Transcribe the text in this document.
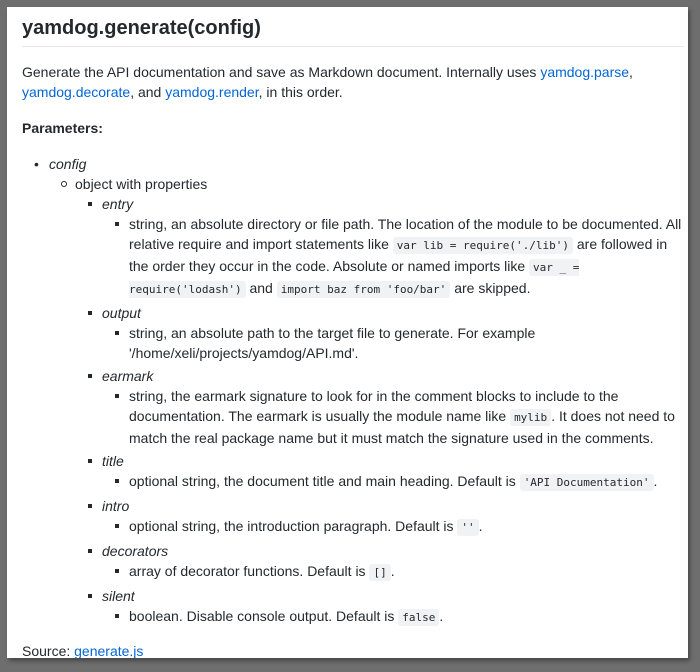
yamdog.generate(config)

Generate the API documentation and save as Markdown document. Internally uses yamdog.parse, yamdog.decorate, and yamdog.render, in this order.

Parameters:

• config
object with properties
entry
string, an absolute directory or file path. The location of the module to be documented. All relative require and import statements like var lib = require('./lib') are followed in the order they occur in the code. Absolute or named imports like var _ = require('lodash') and import baz from 'foo/bar' are skipped.
output
string, an absolute path to the target file to generate. For example '/home/xeli/projects/yamdog/API.md'.
earmark
string, the earmark signature to look for in the comment blocks to include to the documentation. The earmark is usually the module name like mylib . It does not need to match the real package name but it must match the signature used in the comments.
title
optional string, the document title and main heading. Default is 'API Documentation' .
intro
optional string, the introduction paragraph. Default is '' .
decorators
array of decorator functions. Default is [] .
silent
boolean. Disable console output. Default is false .

Source: generate.js
